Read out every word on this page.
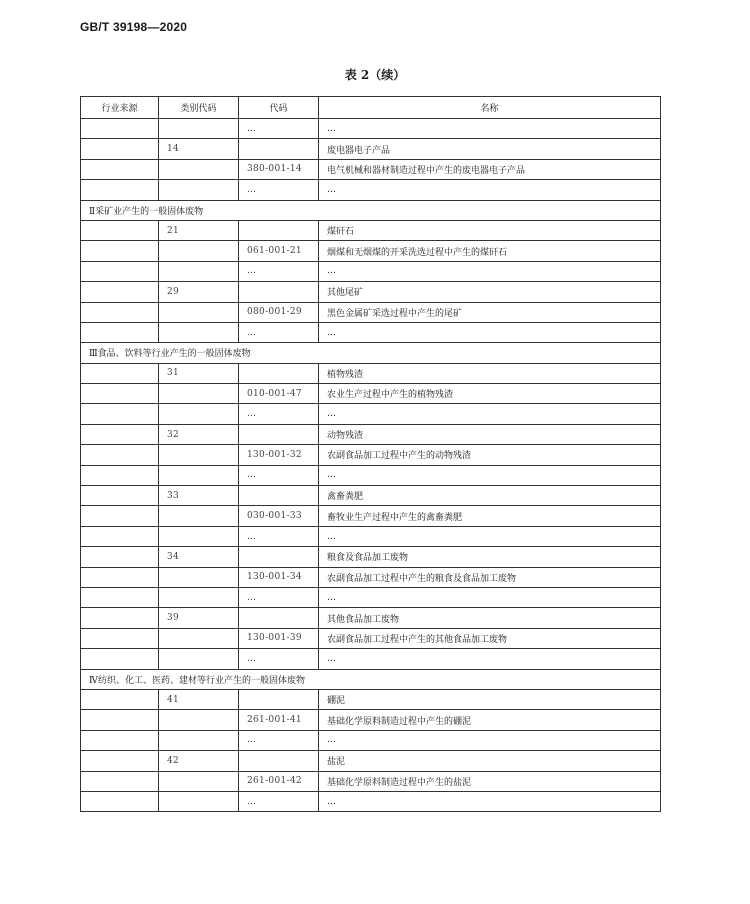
GB/T 39198—2020
表 2（续）
行业来源	类别代码	代码	名称
		…	…
	14		废电器电子产品
		380-001-14	电气机械和器材制造过程中产生的废电器电子产品
		…	…
Ⅱ采矿业产生的一般固体废物			
	21		煤矸石
		061-001-21	烟煤和无烟煤的开采洗选过程中产生的煤矸石
		…	…
	29		其他尾矿
		080-001-29	黑色金属矿采选过程中产生的尾矿
		…	…
Ⅲ食品、饮料等行业产生的一般固体废物			
	31		植物残渣
		010-001-47	农业生产过程中产生的植物残渣
		…	…
	32		动物残渣
		130-001-32	农副食品加工过程中产生的动物残渣
		…	…
	33		禽畜粪肥
		030-001-33	畜牧业生产过程中产生的禽畜粪肥
		…	…
	34		粮食及食品加工废物
		130-001-34	农副食品加工过程中产生的粮食及食品加工废物
		…	…
	39		其他食品加工废物
		130-001-39	农副食品加工过程中产生的其他食品加工废物
		…	…
Ⅳ纺织、化工、医药、建材等行业产生的一般固体废物			
	41		硼泥
		261-001-41	基础化学原料制造过程中产生的硼泥
		…	…
	42		盐泥
		261-001-42	基础化学原料制造过程中产生的盐泥
		…	…
